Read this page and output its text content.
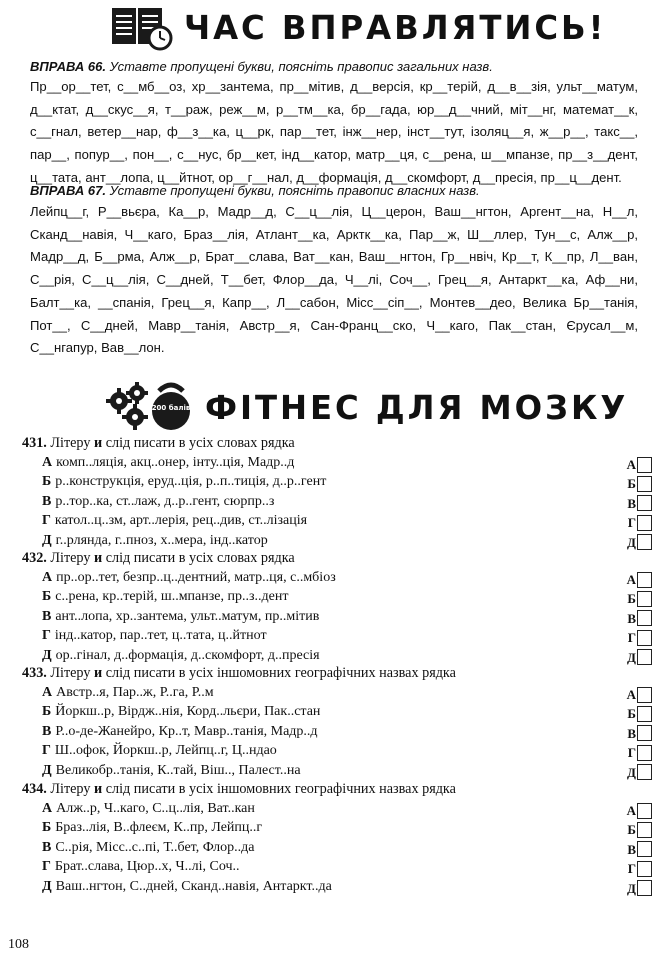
ЧАС ВПРАВЛЯТИСЬ!
ВПРАВА 66. Уставте пропущені букви, поясніть правопис загальних назв.
Пр__ор__тет, с__мб__оз, хр__зантема, пр__мітив, д__версія, кр__терій, д__в__зія, ульт__матум, д__ктат, д__скус__я, т__раж, реж__м, р__тм__ка, бр__гада, юр__д__чний, міт__нг, математ__к, с__гнал, ветер__нар, ф__з__ка, ц__рк, пар__тет, інж__нер, інст__тут, ізоляц__я, ж__р__, такс__, пар__, попур__, пон__, с__нус, бр__кет, інд__катор, матр__ця, с__рена, ш__мпанзе, пр__з__дент, ц__тата, ант__лопа, ц__йтнот, ор__г__нал, д__формація, д__скомфорт, д__пресія, пр__ц__дент.
ВПРАВА 67. Уставте пропущені букви, поясніть правопис власних назв.
Лейпц__г, Р__вьєра, Ка__р, Мадр__д, С__ц__лія, Ц__церон, Ваш__нгтон, Аргент__на, Н__л, Сканд__навія, Ч__каго, Браз__лія, Атлант__ка, Арктк__ка, Пар__ж, Ш__ллер, Тун__с, Алж__р, Мадр__д, Б__рма, Алж__р, Брат__слава, Ват__кан, Ваш__нгтон, Гр__нвіч, Кр__т, К__пр, Л__ван, С__рія, С__ц__лія, С__дней, Т__бет, Флор__да, Ч__лі, Соч__, Грец__я, Антаркт__ка, Аф__ни, Балт__ка, __спанія, Грец__я, Капр__, Л__сабон, Місс__сіп__, Монтев__део, Велика Бр__танія, Пот__, С__дней, Мавр__танія, Австр__я, Сан-Франц__ско, Ч__каго, Пак__стан, Єрусал__м, С__нгапур, Вав__лон.
200 балів ФІТНЕС ДЛЯ МОЗКУ
431. Літеру и слід писати в усіх словах рядка
А комп..ляція, акц..онер, інту..ція, Мадр..д	А
Б р..конструкція, еруд..ція, р..п..тиція, д..р..гент	Б
В р..тор..ка, ст..лаж, д..р..гент, сюрпр..з	В
Г катол..ц..зм, арт..лерія, рец..див, ст..лізація	Г
Д г..рлянда, г..пноз, х..мера, інд..катор	Д
432. Літеру и слід писати в усіх словах рядка
А пр..ор..тет, безпр..ц..дентний, матр..ця, с..мбіоз	А
Б с..рена, кр..терій, ш..мпанзе, пр..з..дент	Б
В ант..лопа, хр..зантема, ульт..матум, пр..мітив	В
Г інд..катор, пар..тет, ц..тата, ц..йтнот	Г
Д ор..гінал, д..формація, д..скомфорт, д..пресія	Д
433. Літеру и слід писати в усіх іншомовних географічних назвах рядка
А Австр..я, Пар..ж, Р..га, Р..м	А
Б Йоркш..р, Вірдж..нія, Корд..льєри, Пак..стан	Б
В Р..о-де-Жанейро, Кр..т, Мавр..танія, Мадр..д	В
Г Ш..офок, Йоркш..р, Лейпц..г, Ц..ндао	Г
Д Великобр..танія, К..тай, Віш.., Палест..на	Д
434. Літеру и слід писати в усіх іншомовних географічних назвах рядка
А Алж..р, Ч..каго, С..ц..лія, Ват..кан	А
Б Браз..лія, В..флеєм, К..пр, Лейпц..г	Б
В С..рія, Місс..с..пі, Т..бет, Флор..да	В
Г Брат..слава, Цюр..х, Ч..лі, Соч..	Г
Д Ваш..нгтон, С..дней, Сканд..навія, Антаркт..да	Д
108
